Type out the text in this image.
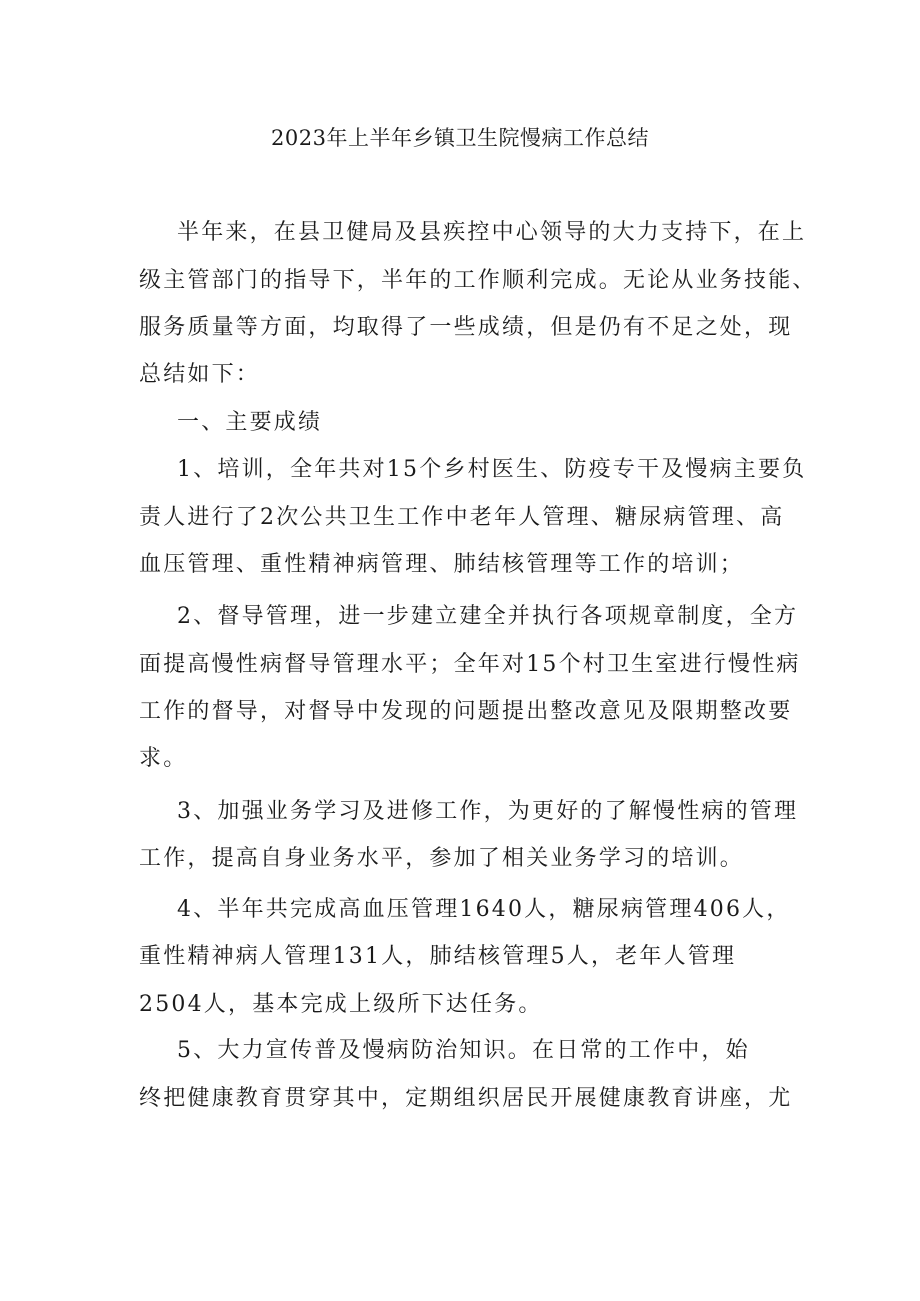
2023年上半年乡镇卫生院慢病工作总结
半年来，在县卫健局及县疾控中心领导的大力支持下，在上
级主管部门的指导下，半年的工作顺利完成。无论从业务技能、
服务质量等方面，均取得了一些成绩，但是仍有不足之处，现
总结如下：
一、主要成绩
1、培训，全年共对15个乡村医生、防疫专干及慢病主要负
责人进行了2次公共卫生工作中老年人管理、糖尿病管理、高
血压管理、重性精神病管理、肺结核管理等工作的培训；
2、督导管理，进一步建立建全并执行各项规章制度，全方
面提高慢性病督导管理水平；全年对15个村卫生室进行慢性病
工作的督导，对督导中发现的问题提出整改意见及限期整改要
求。
3、加强业务学习及进修工作，为更好的了解慢性病的管理
工作，提高自身业务水平，参加了相关业务学习的培训。
4、半年共完成高血压管理1640人，糖尿病管理406人，
重性精神病人管理131人，肺结核管理5人，老年人管理
2504人，基本完成上级所下达任务。
5、大力宣传普及慢病防治知识。在日常的工作中，始
终把健康教育贯穿其中，定期组织居民开展健康教育讲座，尤
